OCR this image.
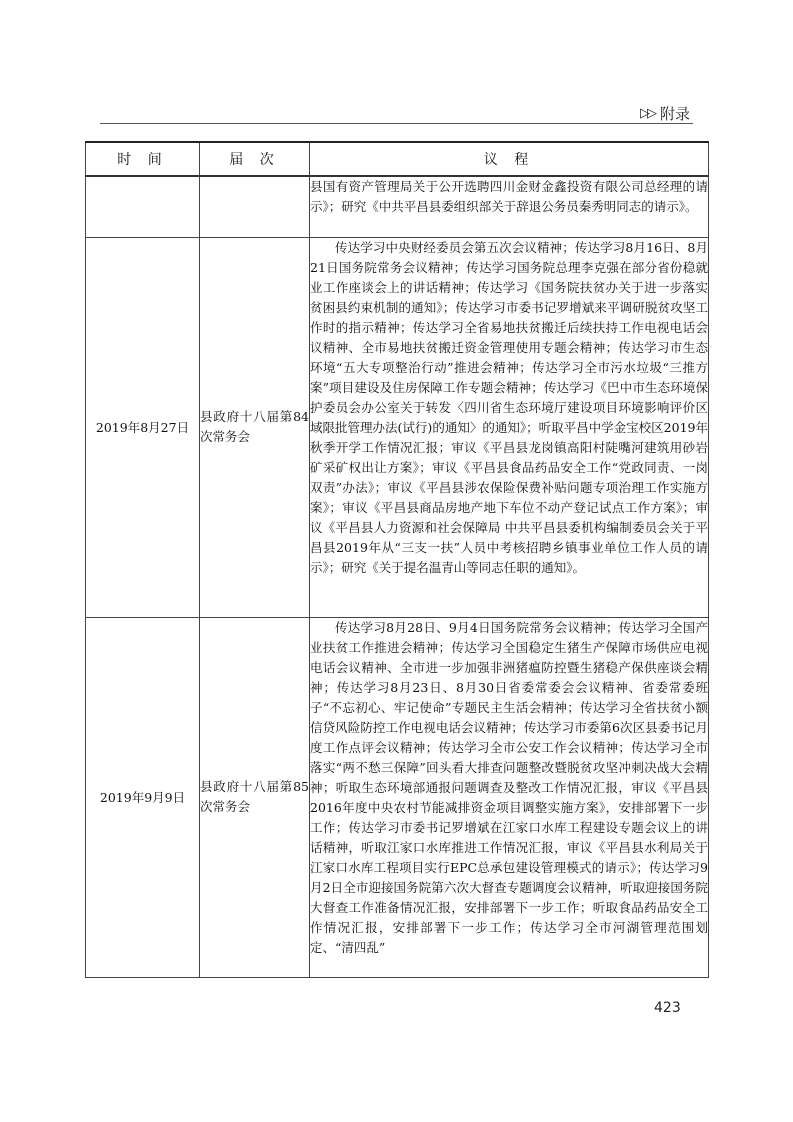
▷▷ 附录
时 间	届 次	议 程

		县国有资产管理局关于公开选聘四川金财金鑫投资有限公司总经理的请示》；研究《中共平昌县委组织部关于辞退公务员秦秀明同志的请示》。

2019年8月27日	县政府十八届第84次常务会	传达学习中央财经委员会第五次会议精神；传达学习8月16日、8月21日国务院常务会议精神；传达学习国务院总理李克强在部分省份稳就业工作座谈会上的讲话精神；传达学习《国务院扶贫办关于进一步落实贫困县约束机制的通知》；传达学习市委书记罗增斌来平调研脱贫攻坚工作时的指示精神；传达学习全省易地扶贫搬迁后续扶持工作电视电话会议精神、全市易地扶贫搬迁资金管理使用专题会精神；传达学习市生态环境“五大专项整治行动”推进会精神；传达学习全市污水垃圾“三推方案”项目建设及住房保障工作专题会精神；传达学习《巴中市生态环境保护委员会办公室关于转发〈四川省生态环境厅建设项目环境影响评价区域限批管理办法(试行)的通知〉的通知》；听取平昌中学金宝校区2019年秋季开学工作情况汇报；审议《平昌县龙岗镇高阳村陡嘴河建筑用砂岩矿采矿权出让方案》；审议《平昌县食品药品安全工作“党政同责、一岗双责”办法》；审议《平昌县涉农保险保费补贴问题专项治理工作实施方案》；审议《平昌县商品房地产地下车位不动产登记试点工作方案》；审议《平昌县人力资源和社会保障局 中共平昌县委机构编制委员会关于平昌县2019年从“三支一扶”人员中考核招聘乡镇事业单位工作人员的请示》；研究《关于提名温青山等同志任职的通知》。

2019年9月9日	县政府十八届第85次常务会	传达学习8月28日、9月4日国务院常务会议精神；传达学习全国产业扶贫工作推进会精神；传达学习全国稳定生猪生产保障市场供应电视电话会议精神、全市进一步加强非洲猪瘟防控暨生猪稳产保供座谈会精神；传达学习8月23日、8月30日省委常委会会议精神、省委常委班子“不忘初心、牢记使命”专题民主生活会精神；传达学习全省扶贫小额信贷风险防控工作电视电话会议精神；传达学习市委第6次区县委书记月度工作点评会议精神；传达学习全市公安工作会议精神；传达学习全市落实“两不愁三保障”回头看大排查问题整改暨脱贫攻坚冲刺决战大会精神；听取生态环境部通报问题调查及整改工作情况汇报，审议《平昌县2016年度中央农村节能减排资金项目调整实施方案》，安排部署下一步工作；传达学习市委书记罗增斌在江家口水库工程建设专题会议上的讲话精神，听取江家口水库推进工作情况汇报，审议《平昌县水利局关于江家口水库工程项目实行EPC总承包建设管理模式的请示》；传达学习9月2日全市迎接国务院第六次大督查专题调度会议精神，听取迎接国务院大督查工作准备情况汇报，安排部署下一步工作；听取食品药品安全工作情况汇报，安排部署下一步工作；传达学习全市河湖管理范围划定、“清四乱”
423
